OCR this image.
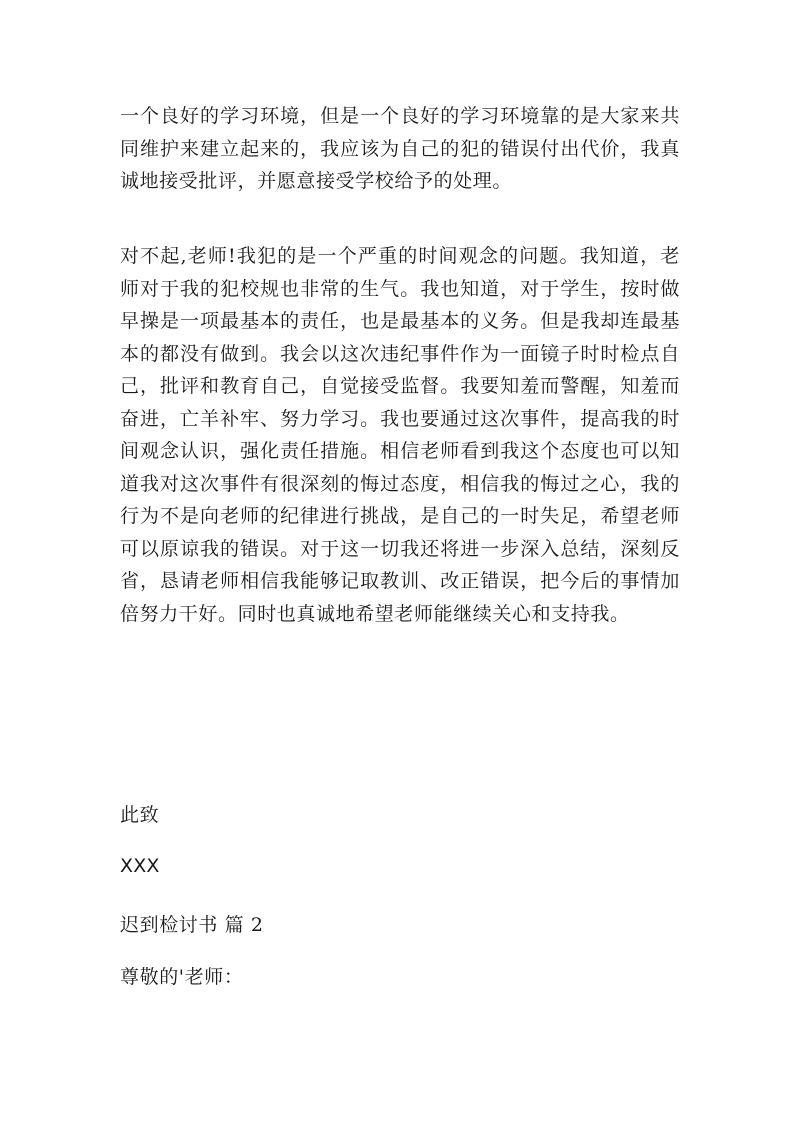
一个良好的学习环境，但是一个良好的学习环境靠的是大家来共同维护来建立起来的，我应该为自己的犯的错误付出代价，我真诚地接受批评，并愿意接受学校给予的处理。
对不起,老师!我犯的是一个严重的时间观念的问题。我知道，老师对于我的犯校规也非常的生气。我也知道，对于学生，按时做早操是一项最基本的责任，也是最基本的义务。但是我却连最基本的都没有做到。我会以这次违纪事件作为一面镜子时时检点自己，批评和教育自己，自觉接受监督。我要知羞而警醒，知羞而奋进，亡羊补牢、努力学习。我也要通过这次事件，提高我的时间观念认识，强化责任措施。相信老师看到我这个态度也可以知道我对这次事件有很深刻的悔过态度，相信我的悔过之心，我的行为不是向老师的纪律进行挑战，是自己的一时失足，希望老师可以原谅我的错误。对于这一切我还将进一步深入总结，深刻反省，恳请老师相信我能够记取教训、改正错误，把今后的事情加倍努力干好。同时也真诚地希望老师能继续关心和支持我。
此致
XXX
迟到检讨书 篇 2
尊敬的'老师：
